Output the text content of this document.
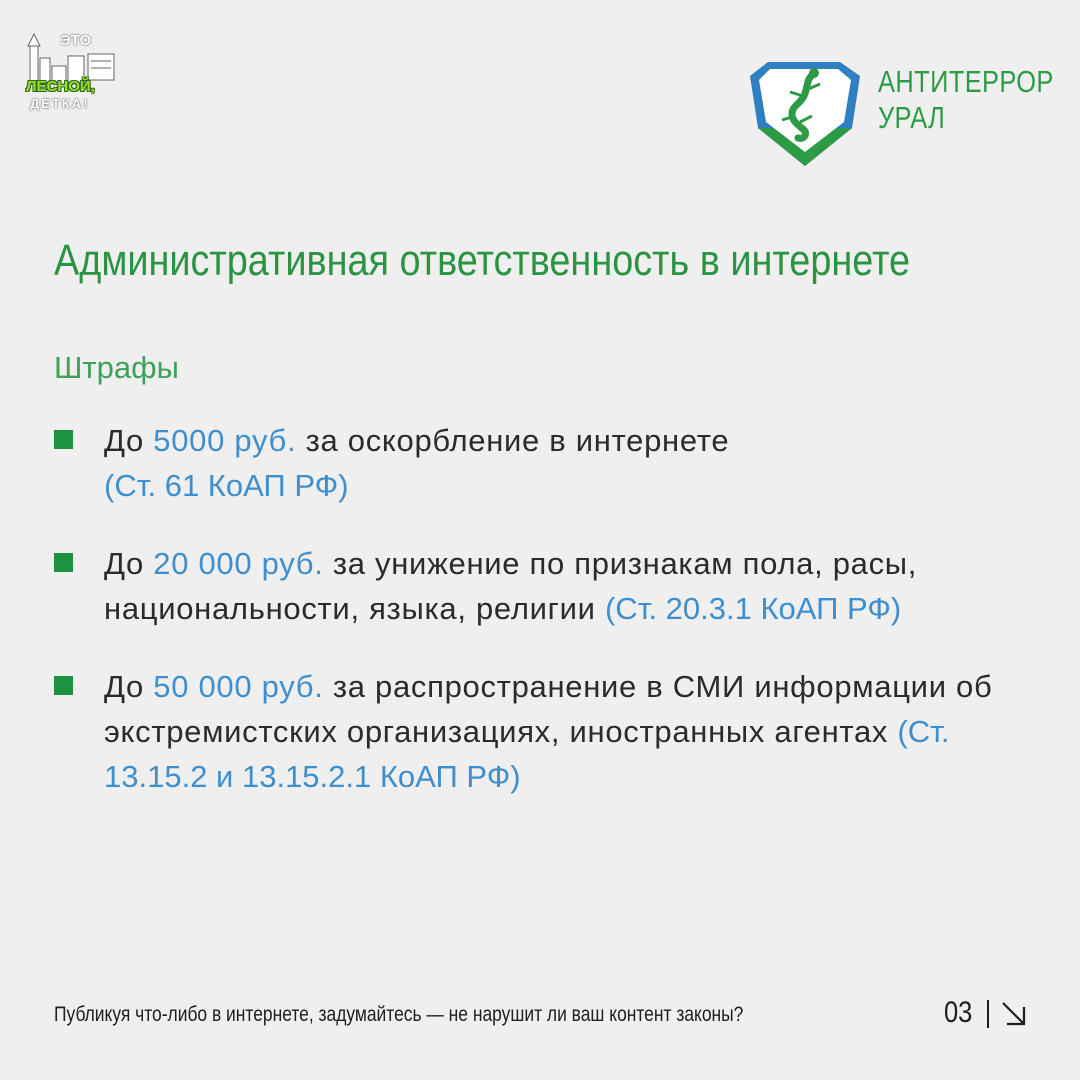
ЭТО
ЛЕСНОЙ,
ДЕТКА!
АНТИТЕРРОР
УРАЛ
Административная ответственность в интернете
Штрафы
До 5000 руб. за оскорбление в интернете
(Ст. 61 КоАП РФ)
До 20 000 руб. за унижение по признакам пола, расы, национальности, языка, религии (Ст. 20.3.1 КоАП РФ)
До 50 000 руб. за распространение в СМИ информации об экстремистских организациях, иностранных агентах (Ст. 13.15.2 и 13.15.2.1 КоАП РФ)
Публикуя что-либо в интернете, задумайтесь — не нарушит ли ваш контент законы?	03
